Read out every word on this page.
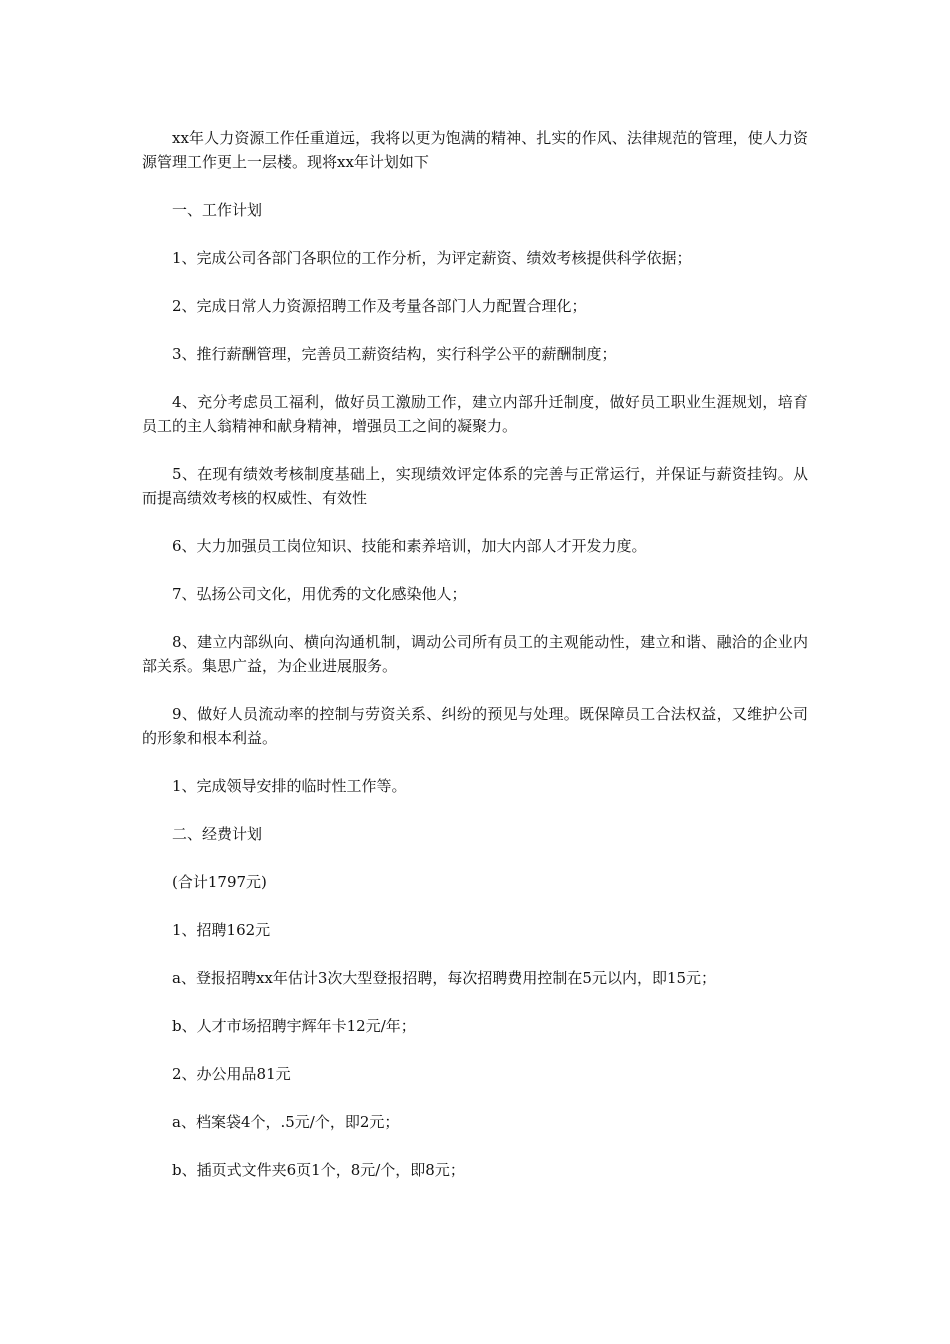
xx年人力资源工作任重道远，我将以更为饱满的精神、扎实的作风、法律规范的管理，使人力资源管理工作更上一层楼。现将xx年计划如下

一、工作计划

1、完成公司各部门各职位的工作分析，为评定薪资、绩效考核提供科学依据；

2、完成日常人力资源招聘工作及考量各部门人力配置合理化；

3、推行薪酬管理，完善员工薪资结构，实行科学公平的薪酬制度；

4、充分考虑员工福利，做好员工激励工作，建立内部升迁制度，做好员工职业生涯规划，培育员工的主人翁精神和献身精神，增强员工之间的凝聚力。

5、在现有绩效考核制度基础上，实现绩效评定体系的完善与正常运行，并保证与薪资挂钩。从而提高绩效考核的权威性、有效性

6、大力加强员工岗位知识、技能和素养培训，加大内部人才开发力度。

7、弘扬公司文化，用优秀的文化感染他人；

8、建立内部纵向、横向沟通机制，调动公司所有员工的主观能动性，建立和谐、融洽的企业内部关系。集思广益，为企业进展服务。

9、做好人员流动率的控制与劳资关系、纠纷的预见与处理。既保障员工合法权益，又维护公司的形象和根本利益。

1、完成领导安排的临时性工作等。

二、经费计划

(合计1797元)

1、招聘162元

a、登报招聘xx年估计3次大型登报招聘，每次招聘费用控制在5元以内，即15元；

b、人才市场招聘宇辉年卡12元/年；

2、办公用品81元

a、档案袋4个，.5元/个，即2元；

b、插页式文件夹6页1个，8元/个，即8元；
